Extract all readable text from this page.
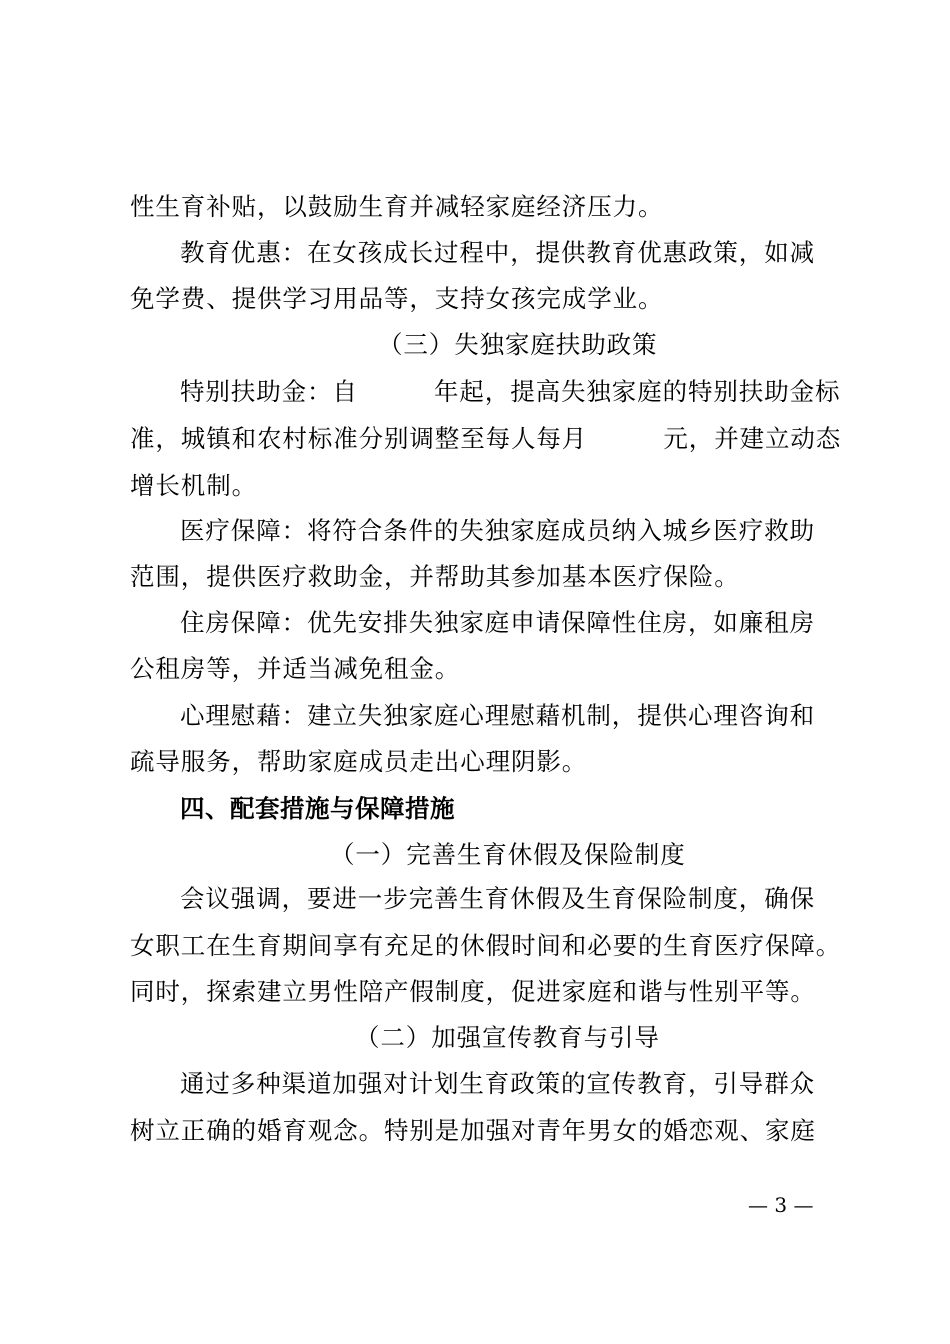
性生育补贴，以鼓励生育并减轻家庭经济压力。
教育优惠：在女孩成长过程中，提供教育优惠政策，如减
免学费、提供学习用品等，支持女孩完成学业。
（三）失独家庭扶助政策
特别扶助金：自　　　年起，提高失独家庭的特别扶助金标
准，城镇和农村标准分别调整至每人每月　　　元，并建立动态
增长机制。
医疗保障：将符合条件的失独家庭成员纳入城乡医疗救助
范围，提供医疗救助金，并帮助其参加基本医疗保险。
住房保障：优先安排失独家庭申请保障性住房，如廉租房
公租房等，并适当减免租金。
心理慰藉：建立失独家庭心理慰藉机制，提供心理咨询和
疏导服务，帮助家庭成员走出心理阴影。
四、配套措施与保障措施
（一）完善生育休假及保险制度
会议强调，要进一步完善生育休假及生育保险制度，确保
女职工在生育期间享有充足的休假时间和必要的生育医疗保障。
同时，探索建立男性陪产假制度，促进家庭和谐与性别平等。
（二）加强宣传教育与引导
通过多种渠道加强对计划生育政策的宣传教育，引导群众
树立正确的婚育观念。特别是加强对青年男女的婚恋观、家庭
— 3 —
